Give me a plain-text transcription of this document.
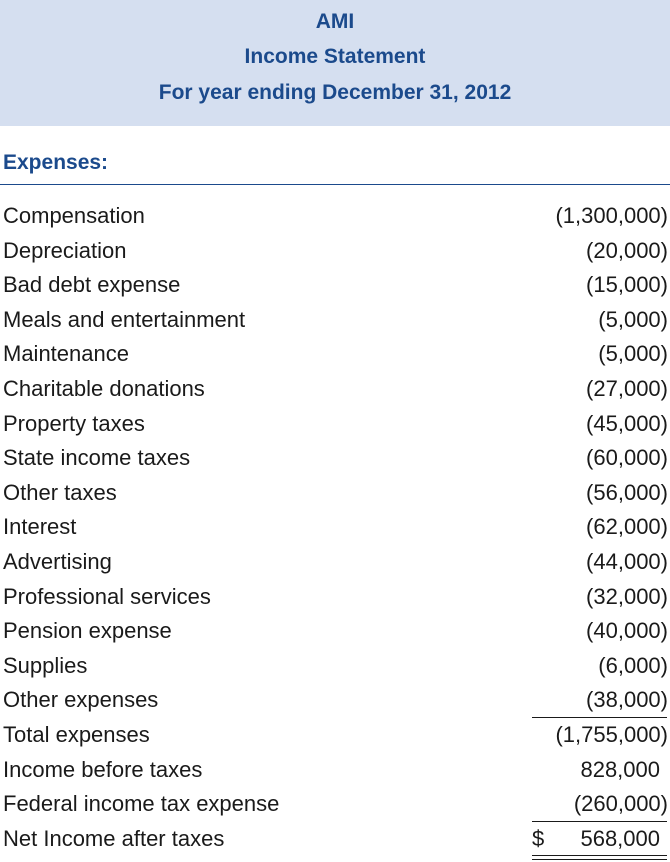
AMI
Income Statement
For year ending December 31, 2012
Expenses:
Compensation	(1,300,000)
Depreciation	(20,000)
Bad debt expense	(15,000)
Meals and entertainment	(5,000)
Maintenance	(5,000)
Charitable donations	(27,000)
Property taxes	(45,000)
State income taxes	(60,000)
Other taxes	(56,000)
Interest	(62,000)
Advertising	(44,000)
Professional services	(32,000)
Pension expense	(40,000)
Supplies	(6,000)
Other expenses	(38,000)
Total expenses	(1,755,000)
Income before taxes	828,000
Federal income tax expense	(260,000)
Net Income after taxes	$ 568,000
